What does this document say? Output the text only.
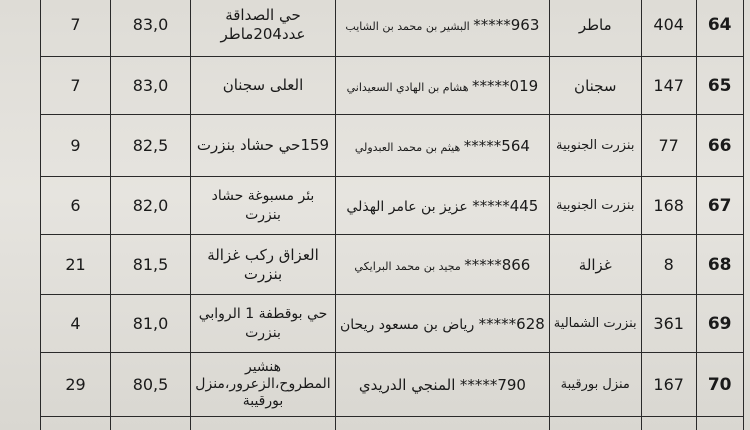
7	83,0	حي الصداقة عدد204ماطر	963***** البشير بن محمد بن الشايب	ماطر	404	64
7	83,0	العلى سجنان	019***** هشام بن الهادي السعيداني	سجنان	147	65
9	82,5	159حي حشاد بنزرت	564***** هيثم بن محمد العبدولي	بنزرت الجنوبية	77	66
6	82,0	بئر مسبوغة حشاد بنزرت	445***** عزيز بن عامر الهذلي	بنزرت الجنوبية	168	67
21	81,5	العزاق ركب غزالة بنزرت	866***** مجيد بن محمد البرايكي	غزالة	8	68
4	81,0	حي بوقطفة 1 الروابي بنزرت	628***** رياض بن مسعود ريحان	بنزرت الشمالية	361	69
29	80,5	هنشير المطروح،الزعرور،منزل بورقيبة	790***** المنجي الدريدي	منزل بورقيبة	167	70
